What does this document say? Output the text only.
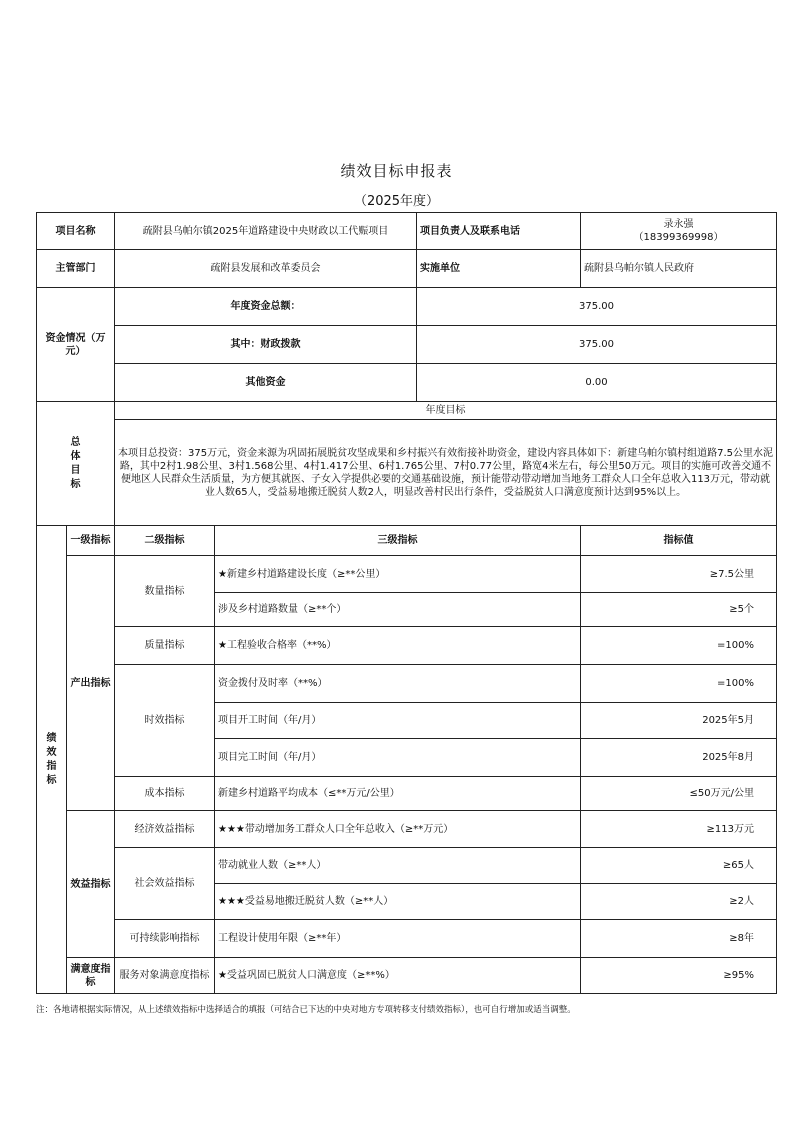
绩效目标申报表
（2025年度）
项目名称		疏附县乌帕尔镇2025年道路建设中央财政以工代赈项目		项目负责人及联系电话	录永强
（18399369998）

主管部门		疏附县发展和改革委员会		实施单位	疏附县乌帕尔镇人民政府
资金情况（万元）		年度资金总额：		375.00	
		其中：财政拨款		375.00	
		其他资金		0.00	
总体目标		年度目标			
		本项目总投资：375万元，资金来源为巩固拓展脱贫攻坚成果和乡村振兴有效衔接补助资金，建设内容具体如下：新建乌帕尔镇村组道路7.5公里水泥路，其中2村1.98公里、3村1.568公里、4村1.417公里、6村1.765公里、7村0.77公里，路宽4米左右，每公里50万元。项目的实施可改善交通不便地区人民群众生活质量，为方便其就医、子女入学提供必要的交通基础设施，预计能带动带动增加当地务工群众人口全年总收入113万元，带动就业人数65人，受益易地搬迁脱贫人数2人，明显改善村民出行条件，受益脱贫人口满意度预计达到95%以上。			
绩效指标	一级指标	二级指标	三级指标		指标值
	产出指标	数量指标	★新建乡村道路建设长度（≥**公里）		≥7.5公里
			涉及乡村道路数量（≥**个）		≥5个
		质量指标	★工程验收合格率（**%）		=100%
		时效指标	资金拨付及时率（**%）		=100%
			项目开工时间（年/月）		2025年5月
			项目完工时间（年/月）		2025年8月
		成本指标	新建乡村道路平均成本（≤**万元/公里）		≤50万元/公里
	效益指标	经济效益指标	★★★带动增加务工群众人口全年总收入（≥**万元）		≥113万元
		社会效益指标	带动就业人数（≥**人）		≥65人
			★★★受益易地搬迁脱贫人数（≥**人）		≥2人
		可持续影响指标	工程设计使用年限（≥**年）		≥8年
	满意度指标	服务对象满意度指标	★受益巩固已脱贫人口满意度（≥**%）		≥95%
注：各地请根据实际情况，从上述绩效指标中选择适合的填报（可结合已下达的中央对地方专项转移支付绩效指标），也可自行增加或适当调整。
